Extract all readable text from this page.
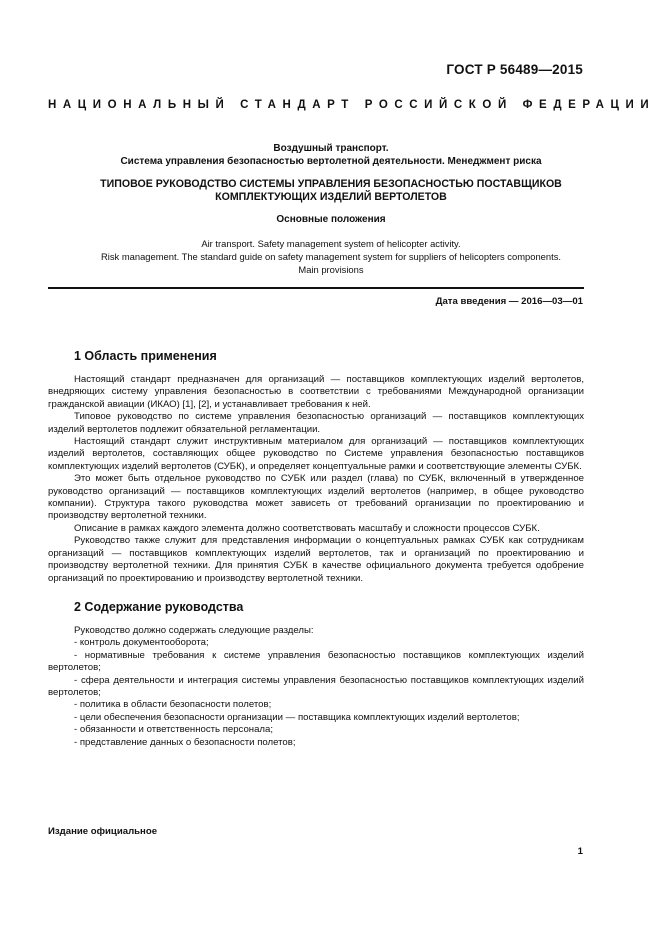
ГОСТ Р 56489—2015
НАЦИОНАЛЬНЫЙ СТАНДАРТ РОССИЙСКОЙ ФЕДЕРАЦИИ
Воздушный транспорт.
Система управления безопасностью вертолетной деятельности. Менеджмент риска
ТИПОВОЕ РУКОВОДСТВО СИСТЕМЫ УПРАВЛЕНИЯ БЕЗОПАСНОСТЬЮ ПОСТАВЩИКОВ
КОМПЛЕКТУЮЩИХ ИЗДЕЛИЙ ВЕРТОЛЕТОВ
Основные положения
Air transport. Safety management system of helicopter activity.
Risk management. The standard guide on safety management system for suppliers of helicopters components.
Main provisions
Дата введения — 2016—03—01
1 Область применения

Настоящий стандарт предназначен для организаций — поставщиков комплектующих изделий вертолетов, внедряющих систему управления безопасностью в соответствии с требованиями Международной организации гражданской авиации (ИКАО) [1], [2], и устанавливает требования к ней.

Типовое руководство по системе управления безопасностью организаций — поставщиков комплектующих изделий вертолетов подлежит обязательной регламентации.

Настоящий стандарт служит инструктивным материалом для организаций — поставщиков комплектующих изделий вертолетов, составляющих общее руководство по Системе управления безопасностью поставщиков комплектующих изделий вертолетов (СУБК), и определяет концептуальные рамки и соответствующие элементы СУБК.

Это может быть отдельное руководство по СУБК или раздел (глава) по СУБК, включенный в утвержденное руководство организаций — поставщиков комплектующих изделий вертолетов (например, в общее руководство компании). Структура такого руководства может зависеть от требований организации по проектированию и производству вертолетной техники.

Описание в рамках каждого элемента должно соответствовать масштабу и сложности процессов СУБК.

Руководство также служит для представления информации о концептуальных рамках СУБК как сотрудникам организаций — поставщиков комплектующих изделий вертолетов, так и организаций по проектированию и производству вертолетной техники. Для принятия СУБК в качестве официального документа требуется одобрение организаций по проектированию и производству вертолетной техники.

2 Содержание руководства

Руководство должно содержать следующие разделы:

- контроль документооборота;

- нормативные требования к системе управления безопасностью поставщиков комплектующих изделий вертолетов;

- сфера деятельности и интеграция системы управления безопасностью поставщиков комплектующих изделий вертолетов;

- политика в области безопасности полетов;

- цели обеспечения безопасности организации — поставщика комплектующих изделий вертолетов;

- обязанности и ответственность персонала;

- представление данных о безопасности полетов;

Издание официальное
1
